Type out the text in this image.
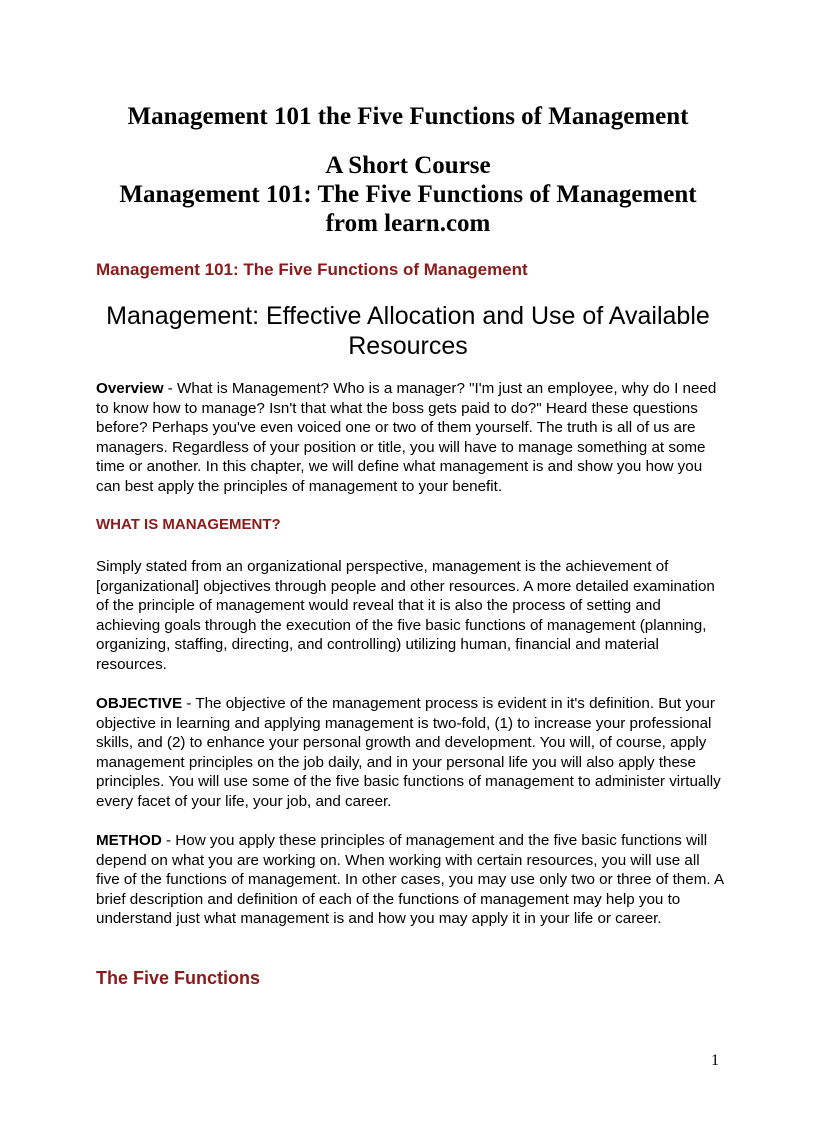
Management 101 the Five Functions of Management
A Short Course
Management 101: The Five Functions of Management
from learn.com
Management 101: The Five Functions of Management
Management: Effective Allocation and Use of Available Resources

Overview - What is Management? Who is a manager? "I'm just an employee, why do I need to know how to manage? Isn't that what the boss gets paid to do?" Heard these questions before? Perhaps you've even voiced one or two of them yourself. The truth is all of us are managers. Regardless of your position or title, you will have to manage something at some time or another. In this chapter, we will define what management is and show you how you can best apply the principles of management to your benefit.

WHAT IS MANAGEMENT?

Simply stated from an organizational perspective, management is the achievement of [organizational] objectives through people and other resources. A more detailed examination of the principle of management would reveal that it is also the process of setting and achieving goals through the execution of the five basic functions of management (planning, organizing, staffing, directing, and controlling) utilizing human, financial and material resources.

OBJECTIVE - The objective of the management process is evident in it's definition. But your objective in learning and applying management is two-fold, (1) to increase your professional skills, and (2) to enhance your personal growth and development. You will, of course, apply management principles on the job daily, and in your personal life you will also apply these principles. You will use some of the five basic functions of management to administer virtually every facet of your life, your job, and career.

METHOD - How you apply these principles of management and the five basic functions will depend on what you are working on. When working with certain resources, you will use all five of the functions of management. In other cases, you may use only two or three of them. A brief description and definition of each of the functions of management may help you to understand just what management is and how you may apply it in your life or career.

The Five Functions
1
